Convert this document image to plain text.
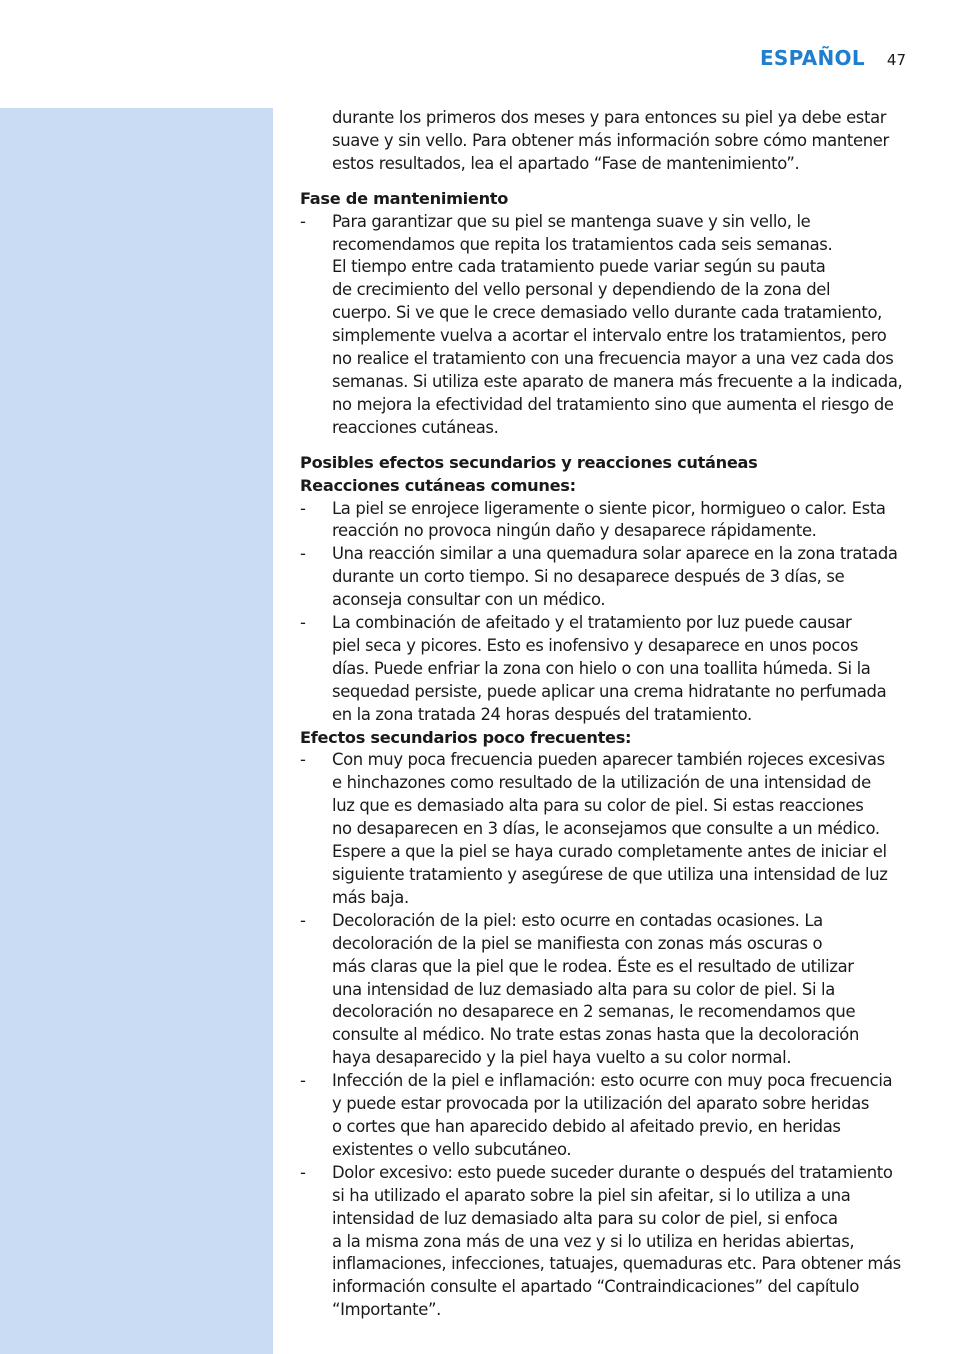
ESPAÑOL 47
durante los primeros dos meses y para entonces su piel ya debe estar
suave y sin vello. Para obtener más información sobre cómo mantener
estos resultados, lea el apartado “Fase de mantenimiento”.
Fase de mantenimiento
- Para garantizar que su piel se mantenga suave y sin vello, le
recomendamos que repita los tratamientos cada seis semanas.
El tiempo entre cada tratamiento puede variar según su pauta
de crecimiento del vello personal y dependiendo de la zona del
cuerpo. Si ve que le crece demasiado vello durante cada tratamiento,
simplemente vuelva a acortar el intervalo entre los tratamientos, pero
no realice el tratamiento con una frecuencia mayor a una vez cada dos
semanas. Si utiliza este aparato de manera más frecuente a la indicada,
no mejora la efectividad del tratamiento sino que aumenta el riesgo de
reacciones cutáneas.
Posibles efectos secundarios y reacciones cutáneas
Reacciones cutáneas comunes:
- La piel se enrojece ligeramente o siente picor, hormigueo o calor. Esta
reacción no provoca ningún daño y desaparece rápidamente.
- Una reacción similar a una quemadura solar aparece en la zona tratada
durante un corto tiempo. Si no desaparece después de 3 días, se
aconseja consultar con un médico.
- La combinación de afeitado y el tratamiento por luz puede causar
piel seca y picores. Esto es inofensivo y desaparece en unos pocos
días. Puede enfriar la zona con hielo o con una toallita húmeda. Si la
sequedad persiste, puede aplicar una crema hidratante no perfumada
en la zona tratada 24 horas después del tratamiento.
Efectos secundarios poco frecuentes:
- Con muy poca frecuencia pueden aparecer también rojeces excesivas
e hinchazones como resultado de la utilización de una intensidad de
luz que es demasiado alta para su color de piel. Si estas reacciones
no desaparecen en 3 días, le aconsejamos que consulte a un médico.
Espere a que la piel se haya curado completamente antes de iniciar el
siguiente tratamiento y asegúrese de que utiliza una intensidad de luz
más baja.
- Decoloración de la piel: esto ocurre en contadas ocasiones. La
decoloración de la piel se manifiesta con zonas más oscuras o
más claras que la piel que le rodea. Éste es el resultado de utilizar
una intensidad de luz demasiado alta para su color de piel. Si la
decoloración no desaparece en 2 semanas, le recomendamos que
consulte al médico. No trate estas zonas hasta que la decoloración
haya desaparecido y la piel haya vuelto a su color normal.
- Infección de la piel e inflamación: esto ocurre con muy poca frecuencia
y puede estar provocada por la utilización del aparato sobre heridas
o cortes que han aparecido debido al afeitado previo, en heridas
existentes o vello subcutáneo.
- Dolor excesivo: esto puede suceder durante o después del tratamiento
si ha utilizado el aparato sobre la piel sin afeitar, si lo utiliza a una
intensidad de luz demasiado alta para su color de piel, si enfoca
a la misma zona más de una vez y si lo utiliza en heridas abiertas,
inflamaciones, infecciones, tatuajes, quemaduras etc. Para obtener más
información consulte el apartado “Contraindicaciones” del capítulo
“Importante”.
